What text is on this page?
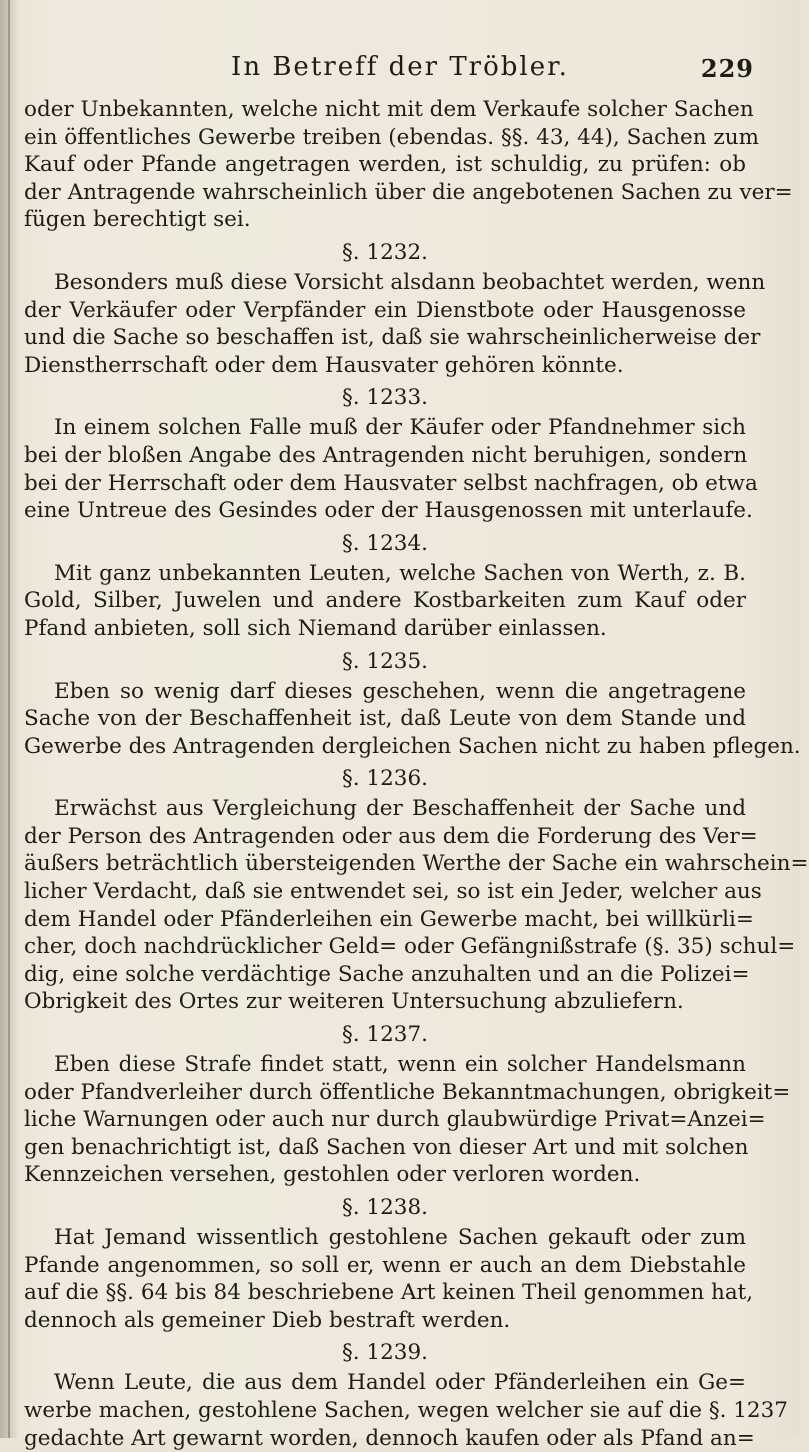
In Betreff der Tröbler.	229

oder Unbekannten, welche nicht mit dem Verkaufe solcher Sachen
ein öffentliches Gewerbe treiben (ebendas. §§. 43, 44), Sachen zum
Kauf oder Pfande angetragen werden, ist schuldig, zu prüfen: ob
der Antragende wahrscheinlich über die angebotenen Sachen zu ver=
fügen berechtigt sei.

§. 1232.

Besonders muß diese Vorsicht alsdann beobachtet werden, wenn
der Verkäufer oder Verpfänder ein Dienstbote oder Hausgenosse
und die Sache so beschaffen ist, daß sie wahrscheinlicherweise der
Dienstherrschaft oder dem Hausvater gehören könnte.

§. 1233.

In einem solchen Falle muß der Käufer oder Pfandnehmer sich
bei der bloßen Angabe des Antragenden nicht beruhigen, sondern
bei der Herrschaft oder dem Hausvater selbst nachfragen, ob etwa
eine Untreue des Gesindes oder der Hausgenossen mit unterlaufe.

§. 1234.

Mit ganz unbekannten Leuten, welche Sachen von Werth, z. B.
Gold, Silber, Juwelen und andere Kostbarkeiten zum Kauf oder
Pfand anbieten, soll sich Niemand darüber einlassen.

§. 1235.

Eben so wenig darf dieses geschehen, wenn die angetragene
Sache von der Beschaffenheit ist, daß Leute von dem Stande und
Gewerbe des Antragenden dergleichen Sachen nicht zu haben pflegen.

§. 1236.

Erwächst aus Vergleichung der Beschaffenheit der Sache und
der Person des Antragenden oder aus dem die Forderung des Ver=
äußers beträchtlich übersteigenden Werthe der Sache ein wahrschein=
licher Verdacht, daß sie entwendet sei, so ist ein Jeder, welcher aus
dem Handel oder Pfänderleihen ein Gewerbe macht, bei willkürli=
cher, doch nachdrücklicher Geld= oder Gefängnißstrafe (§. 35) schul=
dig, eine solche verdächtige Sache anzuhalten und an die Polizei=
Obrigkeit des Ortes zur weiteren Untersuchung abzuliefern.

§. 1237.

Eben diese Strafe findet statt, wenn ein solcher Handelsmann
oder Pfandverleiher durch öffentliche Bekanntmachungen, obrigkeit=
liche Warnungen oder auch nur durch glaubwürdige Privat=Anzei=
gen benachrichtigt ist, daß Sachen von dieser Art und mit solchen
Kennzeichen versehen, gestohlen oder verloren worden.

§. 1238.

Hat Jemand wissentlich gestohlene Sachen gekauft oder zum
Pfande angenommen, so soll er, wenn er auch an dem Diebstahle
auf die §§. 64 bis 84 beschriebene Art keinen Theil genommen hat,
dennoch als gemeiner Dieb bestraft werden.

§. 1239.

Wenn Leute, die aus dem Handel oder Pfänderleihen ein Ge=
werbe machen, gestohlene Sachen, wegen welcher sie auf die §. 1237
gedachte Art gewarnt worden, dennoch kaufen oder als Pfand an=
